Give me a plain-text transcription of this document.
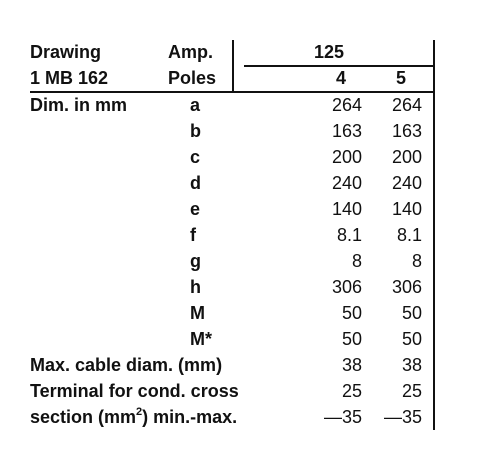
Drawing	Amp.	125
1 MB 162	Poles	4	5
Dim. in mm	a	264 264
b	163 163
c	200 200
d	240 240
e	140 140
f	8.1 8.1
g	8	8
h	306 306
M	50 50
M*	50 50
Max. cable diam. (mm)	38 38
Terminal for cond. cross	25 25
section $(mm^2)$ min.-max.	—35 —35
